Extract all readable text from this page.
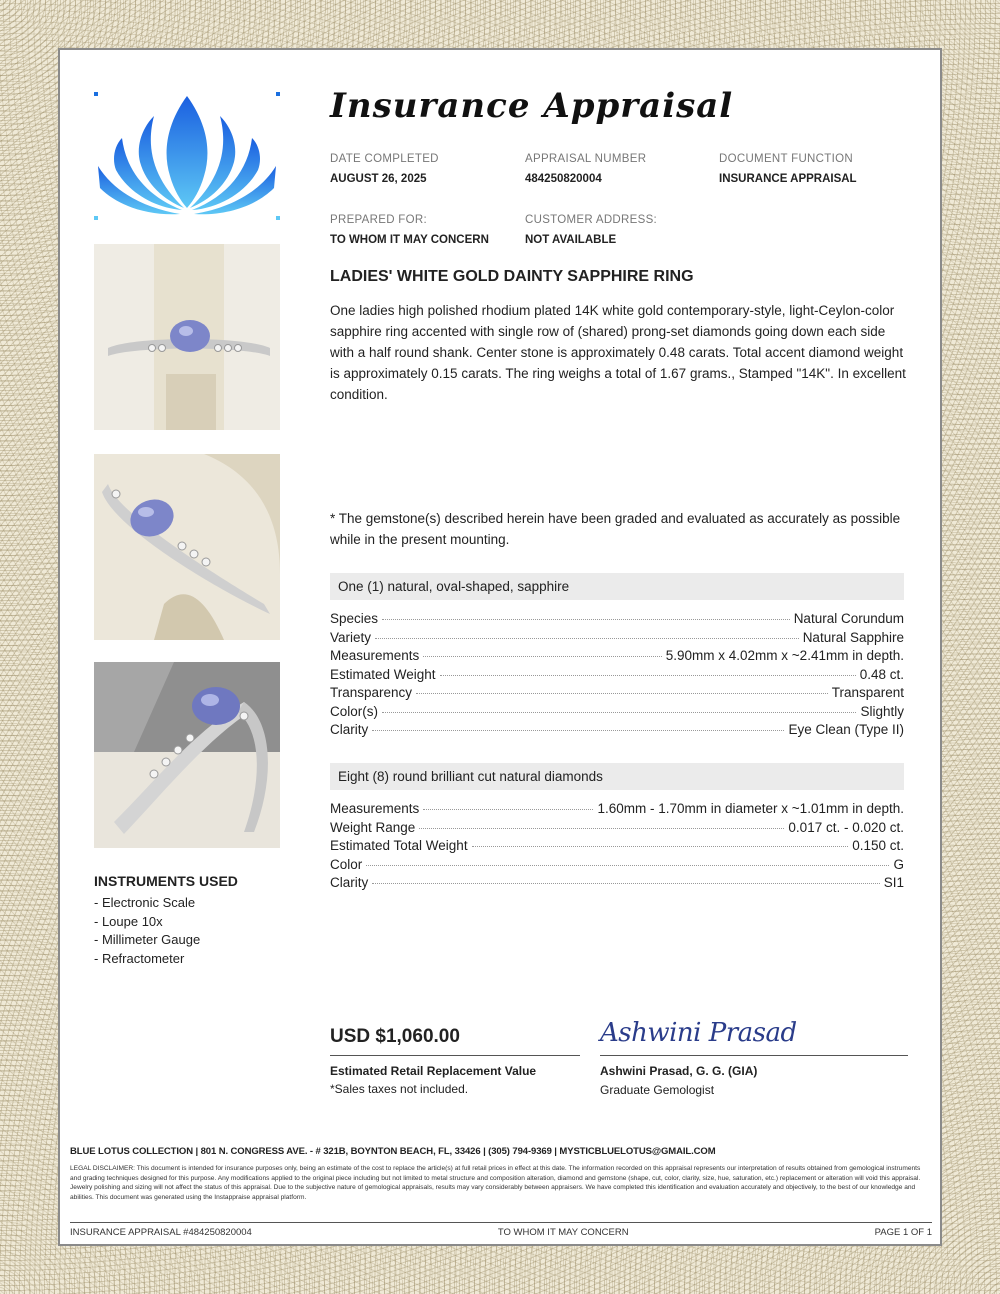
Insurance Appraisal
DATE COMPLETED
AUGUST 26, 2025
APPRAISAL NUMBER
484250820004
DOCUMENT FUNCTION
INSURANCE APPRAISAL
PREPARED FOR:
TO WHOM IT MAY CONCERN
CUSTOMER ADDRESS:
NOT AVAILABLE
LADIES' WHITE GOLD DAINTY SAPPHIRE RING
One ladies high polished rhodium plated 14K white gold contemporary-style, light-Ceylon-color sapphire ring accented with single row of (shared) prong-set diamonds going down each side with a half round shank. Center stone is approximately 0.48 carats. Total accent diamond weight is approximately 0.15 carats. The ring weighs a total of 1.67 grams., Stamped "14K". In excellent condition.
* The gemstone(s) described herein have been graded and evaluated as accurately as possible while in the present mounting.
One (1) natural, oval-shaped, sapphire
Species	Natural Corundum
Variety	Natural Sapphire
Measurements	5.90mm x 4.02mm x ~2.41mm in depth.
Estimated Weight	0.48 ct.
Transparency	Transparent
Color(s)	Slightly
Clarity	Eye Clean (Type II)
Eight (8) round brilliant cut natural diamonds
Measurements	1.60mm - 1.70mm in diameter x ~1.01mm in depth.
Weight Range	0.017 ct. - 0.020 ct.
Estimated Total Weight	0.150 ct.
Color	G
Clarity	SI1
INSTRUMENTS USED
- Electronic Scale
- Loupe 10x
- Millimeter Gauge
- Refractometer
USD $1,060.00
Estimated Retail Replacement Value
*Sales taxes not included.
Ashwini Prasad
Ashwini Prasad, G. G. (GIA)
Graduate Gemologist
BLUE LOTUS COLLECTION | 801 N. CONGRESS AVE. - # 321B, BOYNTON BEACH, FL, 33426 | (305) 794-9369 | MYSTICBLUELOTUS@GMAIL.COM
LEGAL DISCLAIMER: This document is intended for insurance purposes only, being an estimate of the cost to replace the article(s) at full retail prices in effect at this date. The information recorded on this appraisal represents our interpretation of results obtained from gemological instruments and grading techniques designed for this purpose. Any modifications applied to the original piece including but not limited to metal structure and composition alteration, diamond and gemstone (shape, cut, color, clarity, size, hue, saturation, etc.) replacement or alteration will void this appraisal. Jewelry polishing and sizing will not affect the status of this appraisal. Due to the subjective nature of gemological appraisals, results may vary considerably between appraisers. We have completed this identification and evaluation accurately and objectively, to the best of our knowledge and abilities. This document was generated using the Instappraise appraisal platform.
INSURANCE APPRAISAL #484250820004	TO WHOM IT MAY CONCERN	PAGE 1 OF 1
